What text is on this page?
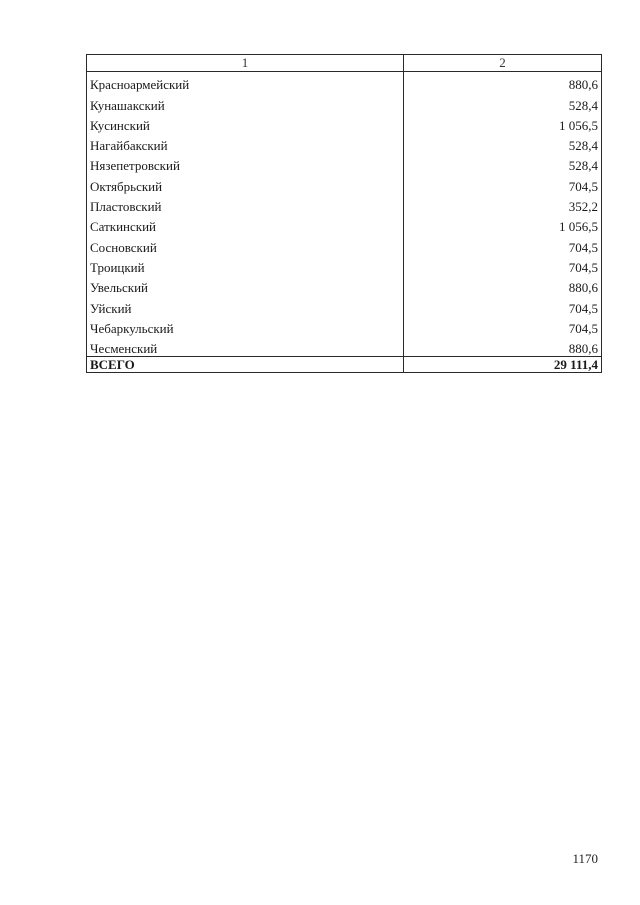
1	2
Красноармейский	880,6
Кунашакский	528,4
Кусинский	1 056,5
Нагайбакский	528,4
Нязепетровский	528,4
Октябрьский	704,5
Пластовский	352,2
Саткинский	1 056,5
Сосновский	704,5
Троицкий	704,5
Увельский	880,6
Уйский	704,5
Чебаркульский	704,5
Чесменский	880,6
ВСЕГО	29 111,4
1170
